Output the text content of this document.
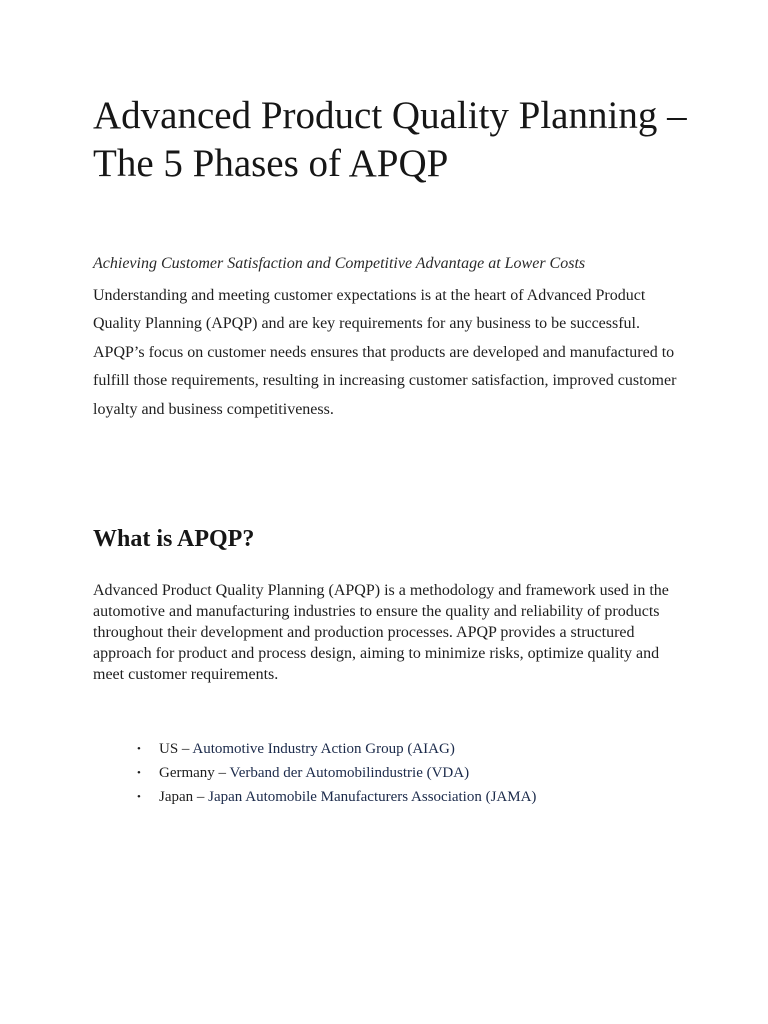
Advanced Product Quality Planning – The 5 Phases of APQP

Achieving Customer Satisfaction and Competitive Advantage at Lower Costs

Understanding and meeting customer expectations is at the heart of Advanced Product Quality Planning (APQP) and are key requirements for any business to be successful. APQP’s focus on customer needs ensures that products are developed and manufactured to fulfill those requirements, resulting in increasing customer satisfaction, improved customer loyalty and business competitiveness.

What is APQP?

Advanced Product Quality Planning (APQP) is a methodology and framework used in the automotive and manufacturing industries to ensure the quality and reliability of products throughout their development and production processes. APQP provides a structured approach for product and process design, aiming to minimize risks, optimize quality and meet customer requirements.

• US – Automotive Industry Action Group (AIAG)
• Germany – Verband der Automobilindustrie (VDA)
• Japan – Japan Automobile Manufacturers Association (JAMA)
